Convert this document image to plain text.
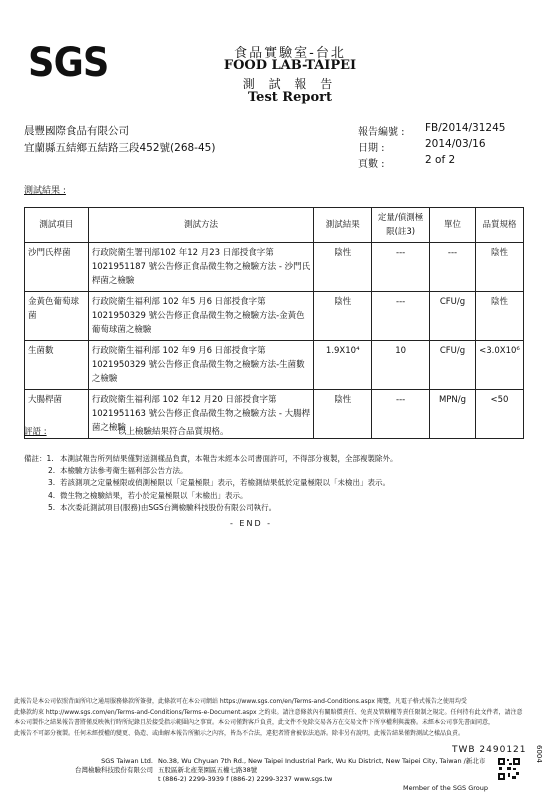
SGS	食品實驗室-台北
FOOD LAB-TAIPEI
測 試 報 告
Test Report
晨豐國際食品有限公司
宜蘭縣五結鄉五結路三段452號(268-45)
報告編號 :	FB/2014/31245
日期 :	2014/03/16
頁數 :	2 of 2
測試結果 :
測試項目	測試方法	測試結果	定量/偵測極限(註3)	單位	品質規格
沙門氏桿菌	行政院衛生署刊部102 年12 月23 日部授食字第1021951187 號公告修正食品微生物之檢驗方法 - 沙門氏桿菌之檢驗	陰性	---	---	陰性
金黃色葡萄球菌	行政院衛生福利部 102 年5 月6 日部授食字第1021950329 號公告修正食品微生物之檢驗方法-金黃色葡萄球菌之檢驗	陰性	---	CFU/g	陰性
生菌數	行政院衛生福利部 102 年9 月6 日部授食字第1021950329 號公告修正食品微生物之檢驗方法-生菌數之檢驗	1.9X10⁴	10	CFU/g	<3.0X10⁶
大腸桿菌	行政院衛生福利部 102 年12 月20 日部授食字第1021951163 號公告修正食品微生物之檢驗方法 - 大腸桿菌之檢驗	陰性	---	MPN/g	<50
評語 :	以上檢驗結果符合品質規格。
備註：1. 本測試報告所列結果僅對送測樣品負責，本報告未經本公司書面許可，不得部分複製，全部複製除外。
2. 本檢驗方法參考衛生福利部公告方法。
3. 若該測項之定量極限或偵測極限以「定量極限」表示，若檢測結果低於定量極限以「未檢出」表示。
4. 微生物之檢驗結果，若小於定量極限以「未檢出」表示。
5. 本次委託測試項目(服務)由SGS台灣檢驗科技股份有限公司執行。
- END -
此報告是本公司依照背面所印之通用服務條款所簽發，此條款可在本公司網站 https://www.sgs.com/en/Terms-and-Conditions.aspx 閱覽，凡電子格式報告之使用均受
此條款約束 http://www.sgs.com/en/Terms-and-Conditions/Terms-e-Document.aspx 之約束。請注意條款內有關賠償責任、免責及管轄權等責任限制之規定。任何持有此文件者，請注意
本公司製作之結果報告書將僅反映執行時所紀錄且於接受指示範圍內之事實。本公司僅對客戶負責，此文件不免除交易各方在交易文件下所享權利與義務。未經本公司事先書面同意，
此報告不可部分複製。任何未經授權的變更、偽造、或曲解本報告所顯示之內容，皆為不合法，違犯者將會被依法追訴。除非另有說明，此報告結果僅對測試之樣品負責。
TWB 2490121 6004
SGS Taiwan Ltd.
台灣檢驗科技股份有限公司
No.38, Wu Chyuan 7th Rd., New Taipei Industrial Park, Wu Ku District, New Taipei City, Taiwan /新北市五股區新北產業園區五權七路38號
t (886-2) 2299-3939 f (886-2) 2299-3237 www.sgs.tw
Member of the SGS Group
